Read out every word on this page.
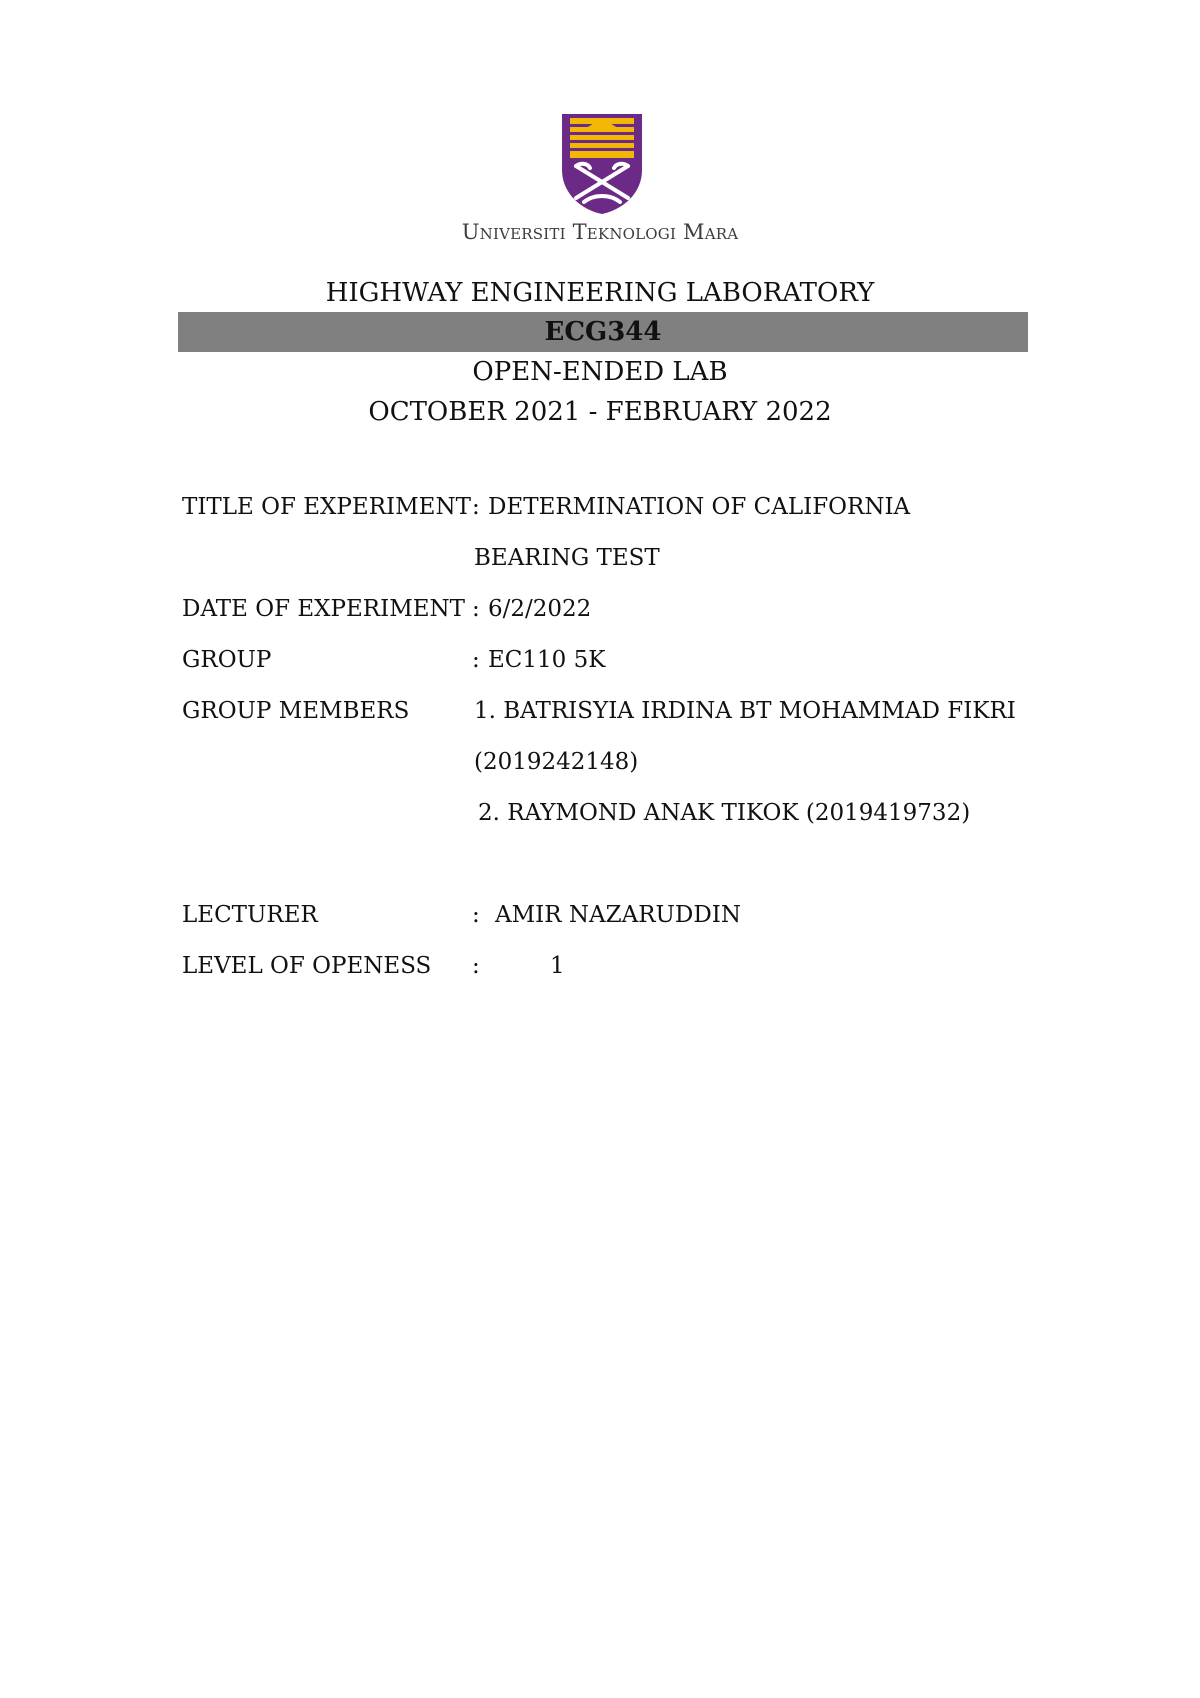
Universiti Teknologi Mara
HIGHWAY ENGINEERING LABORATORY
ECG344
OPEN-ENDED LAB
OCTOBER 2021 - FEBRUARY 2022
TITLE OF EXPERIMENT : DETERMINATION OF CALIFORNIA
BEARING TEST
DATE OF EXPERIMENT : 6/2/2022
GROUP	: EC110 5K
GROUP MEMBERS	1. BATRISYIA IRDINA BT MOHAMMAD FIKRI
(2019242148)
2. RAYMOND ANAK TIKOK (2019419732)
LECTURER	: AMIR NAZARUDDIN
LEVEL OF OPENESS :	1
